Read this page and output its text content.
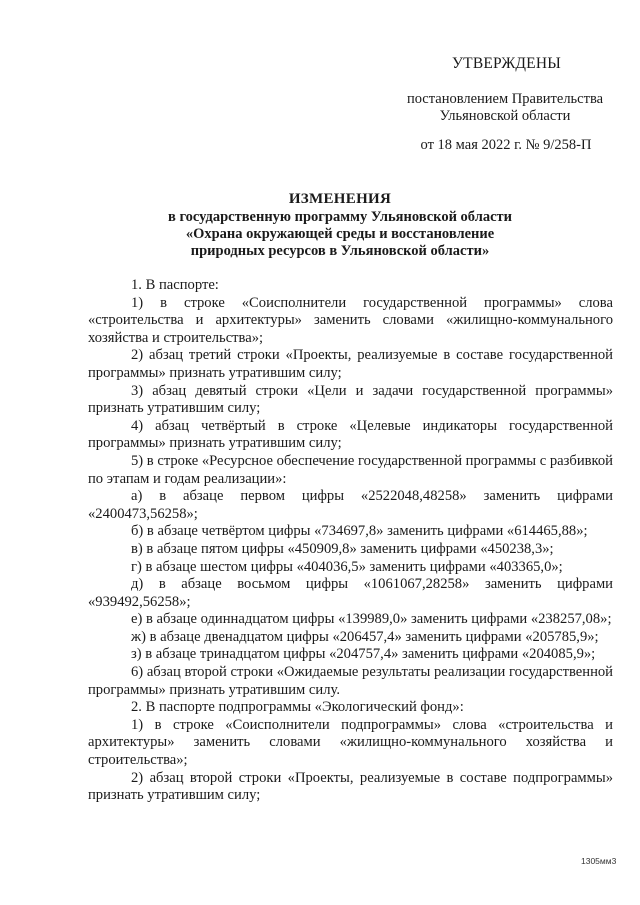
УТВЕРЖДЕНЫ
постановлением Правительства
Ульяновской области
от 18 мая 2022 г. № 9/258-П
ИЗМЕНЕНИЯ
в государственную программу Ульяновской области
«Охрана окружающей среды и восстановление
природных ресурсов в Ульяновской области»

1. В паспорте:

1) в строке «Соисполнители государственной программы» слова «строительства и архитектуры» заменить словами «жилищно-коммунального хозяйства и строительства»;

2) абзац третий строки «Проекты, реализуемые в составе государственной программы» признать утратившим силу;

3) абзац девятый строки «Цели и задачи государственной программы» признать утратившим силу;

4) абзац четвёртый в строке «Целевые индикаторы государственной программы» признать утратившим силу;

5) в строке «Ресурсное обеспечение государственной программы с разбивкой по этапам и годам реализации»:

а) в абзаце первом цифры «2522048,48258» заменить цифрами «2400473,56258»;

б) в абзаце четвёртом цифры «734697,8» заменить цифрами «614465,88»;

в) в абзаце пятом цифры «450909,8» заменить цифрами «450238,3»;

г) в абзаце шестом цифры «404036,5» заменить цифрами «403365,0»;

д) в абзаце восьмом цифры «1061067,28258» заменить цифрами «939492,56258»;

е) в абзаце одиннадцатом цифры «139989,0» заменить цифрами «238257,08»;

ж) в абзаце двенадцатом цифры «206457,4» заменить цифрами «205785,9»;

з) в абзаце тринадцатом цифры «204757,4» заменить цифрами «204085,9»;

6) абзац второй строки «Ожидаемые результаты реализации государственной программы» признать утратившим силу.

2. В паспорте подпрограммы «Экологический фонд»:

1) в строке «Соисполнители подпрограммы» слова «строительства и архитектуры» заменить словами «жилищно-коммунального хозяйства и строительства»;

2) абзац второй строки «Проекты, реализуемые в составе подпрограммы» признать утратившим силу;

1305мм3
